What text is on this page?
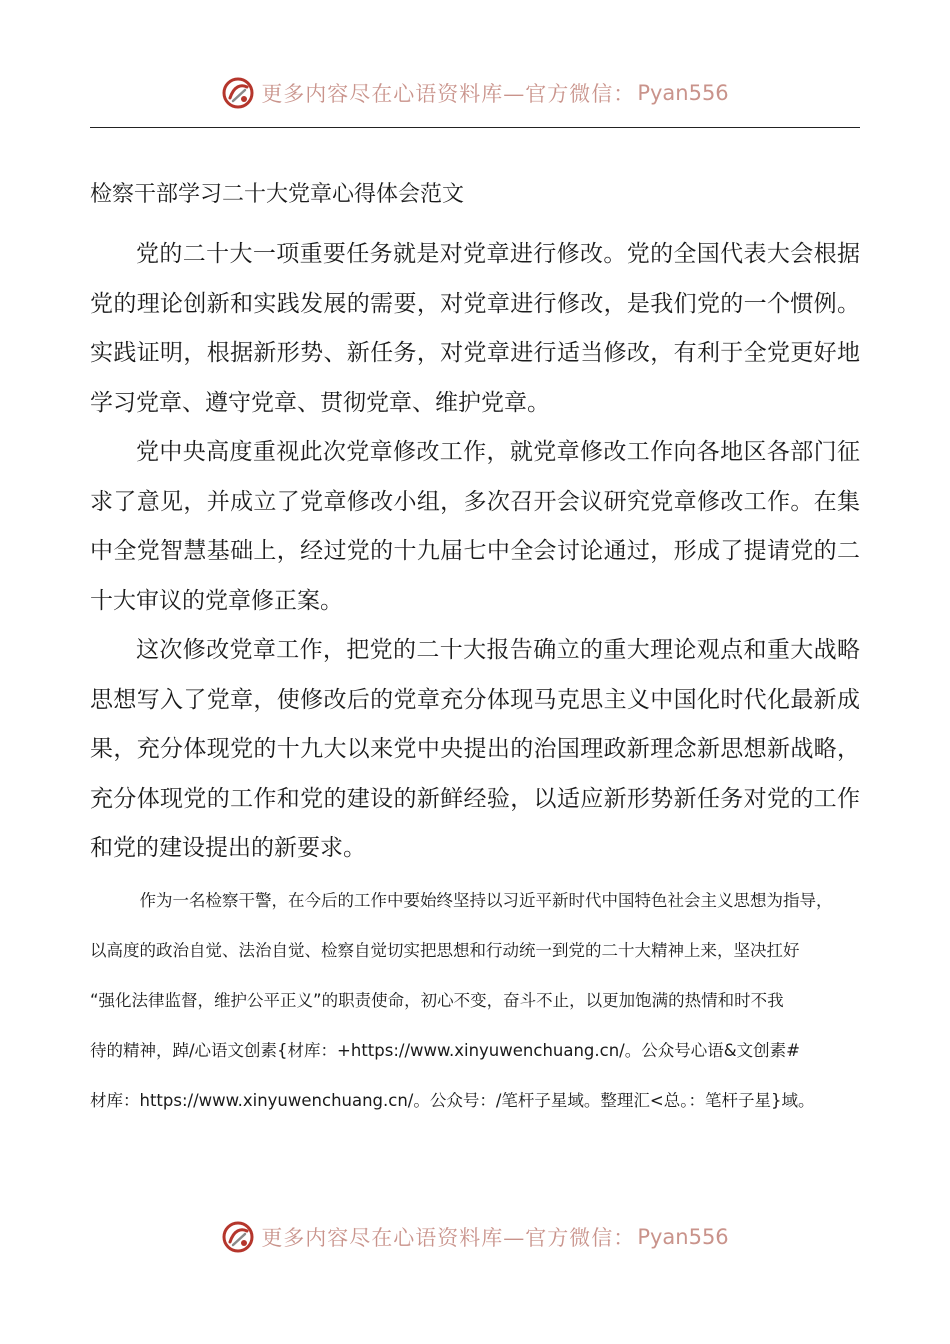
更多内容尽在心语资料库—官方微信： Pyan556
检察干部学习二十大党章心得体会范文

党的二十大一项重要任务就是对党章进行修改。党的全国代表大会根据党的理论创新和实践发展的需要，对党章进行修改，是我们党的一个惯例。实践证明，根据新形势、新任务，对党章进行适当修改，有利于全党更好地学习党章、遵守党章、贯彻党章、维护党章。

党中央高度重视此次党章修改工作，就党章修改工作向各地区各部门征求了意见，并成立了党章修改小组，多次召开会议研究党章修改工作。在集中全党智慧基础上，经过党的十九届七中全会讨论通过，形成了提请党的二十大审议的党章修正案。

这次修改党章工作，把党的二十大报告确立的重大理论观点和重大战略思想写入了党章，使修改后的党章充分体现马克思主义中国化时代化最新成果，充分体现党的十九大以来党中央提出的治国理政新理念新思想新战略，充分体现党的工作和党的建设的新鲜经验，以适应新形势新任务对党的工作和党的建设提出的新要求。

作为一名检察干警，在今后的工作中要始终坚持以习近平新时代中国特色社会主义思想为指导，

以高度的政治自觉、法治自觉、检察自觉切实把思想和行动统一到党的二十大精神上来，坚决扛好

“强化法律监督，维护公平正义”的职责使命，初心不变，奋斗不止，以更加饱满的热情和时不我

待的精神，踔/心语文创素{材库：+https://www.xinyuwenchuang.cn/。公众号心语&文创素#

材库：https://www.xinyuwenchuang.cn/。公众号：/笔杆子星域。整理汇<总。：笔杆子星}域。

更多内容尽在心语资料库—官方微信： Pyan556
